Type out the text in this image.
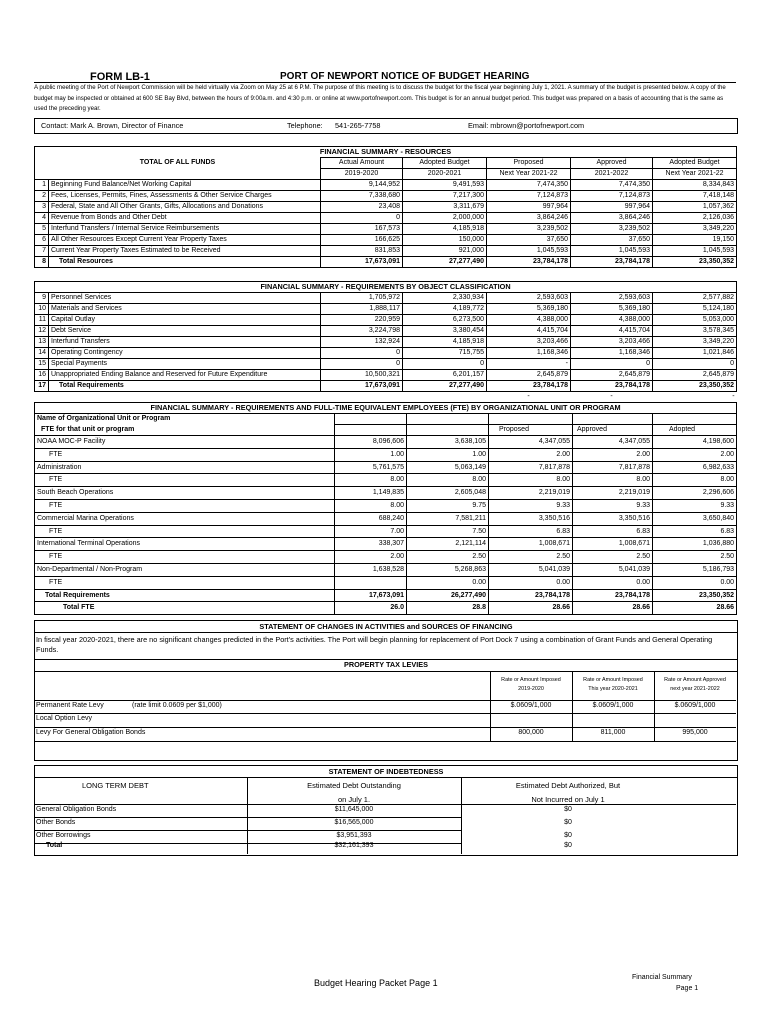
FORM LB-1	PORT OF NEWPORT NOTICE OF BUDGET HEARING
A public meeting of the Port of Newport Commission will be held virtually via Zoom on May 25 at 6 P.M. The purpose of this meeting is to discuss the budget for the fiscal year beginning July 1, 2021. A summary of the budget is presented below. A copy of the budget may be inspected or obtained at 600 SE Bay Blvd, between the hours of 9:00a.m. and 4:30 p.m. or online at www.portofnewport.com. This budget is for an annual budget period. This budget was prepared on a basis of accounting that is the same as used the preceding year.
Contact: Mark A. Brown, Director of Finance	Telephone: 541-265-7758	Email: mbrown@portofnewport.com
FINANCIAL SUMMARY - RESOURCES						
TOTAL OF ALL FUNDS		Actual Amount	Adopted Budget	Proposed	Approved	Adopted Budget
		2019-2020	2020-2021	Next Year 2021-22	2021-2022	Next Year 2021-22
1	Beginning Fund Balance/Net Working Capital	9,144,952	9,491,593	7,474,350	7,474,350	8,334,843
2	Fees, Licenses, Permits, Fines, Assessments & Other Service Charges	7,338,680	7,217,300	7,124,873	7,124,873	7,418,148
3	Federal, State and All Other Grants, Gifts, Allocations and Donations	23,408	3,311,679	997,964	997,964	1,057,362
4	Revenue from Bonds and Other Debt	0	2,000,000	3,864,246	3,864,246	2,126,036
5	Interfund Transfers / Internal Service Reimbursements	167,573	4,185,918	3,239,502	3,239,502	3,349,220
6	All Other Resources Except Current Year Property Taxes	166,625	150,000	37,650	37,650	19,150
7	Current Year Property Taxes Estimated to be Received	831,853	921,000	1,045,593	1,045,593	1,045,593
8	Total Resources	17,673,091	27,277,490	23,784,178	23,784,178	23,350,352
FINANCIAL SUMMARY - REQUIREMENTS BY OBJECT CLASSIFICATION						
9	Personnel Services	1,705,972	2,330,934	2,593,603	2,593,603	2,577,882
10	Materials and Services	1,888,117	4,189,772	5,369,180	5,369,180	5,124,180
11	Capital Outlay	220,959	6,273,500	4,388,000	4,388,000	5,053,000
12	Debt Service	3,224,798	3,380,454	4,415,704	4,415,704	3,578,345
13	Interfund Transfers	132,924	4,185,918	3,203,466	3,203,466	3,349,220
14	Operating Contingency	0	715,755	1,168,346	1,168,346	1,021,846
15	Special Payments	0	0	-	0	0
16	Unappropriated Ending Balance and Reserved for Future Expenditure	10,500,321	6,201,157	2,645,879	2,645,879	2,645,879
17	Total Requirements	17,673,091	27,277,490	23,784,178	23,784,178	23,350,352
				-	-	-
FINANCIAL SUMMARY - REQUIREMENTS AND FULL-TIME EQUIVALENT EMPLOYEES (FTE) BY ORGANIZATIONAL UNIT OR PROGRAM					
Name of Organizational Unit or Program					
FTE for that unit or program			Proposed	Approved	Adopted
NOAA MOC-P Facility	8,096,606	3,638,105	4,347,055	4,347,055	4,198,600
FTE	1.00	1.00	2.00	2.00	2.00
Administration	5,761,575	5,063,149	7,817,878	7,817,878	6,982,633
FTE	8.00	8.00	8.00	8.00	8.00
South Beach Operations	1,149,835	2,605,048	2,219,019	2,219,019	2,296,606
FTE	8.00	9.75	9.33	9.33	9.33
Commercial Marina Operations	688,240	7,581,211	3,350,516	3,350,516	3,650,840
FTE	7.00	7.50	6.83	6.83	6.83
International Terminal Operations	338,307	2,121,114	1,008,671	1,008,671	1,036,880
FTE	2.00	2.50	2.50	2.50	2.50
Non-Departmental / Non-Program	1,638,528	5,268,863	5,041,039	5,041,039	5,186,793
FTE		0.00	0.00	0.00	0.00
Total Requirements	17,673,091	26,277,490	23,784,178	23,784,178	23,350,352
Total FTE	26.0	28.8	28.66	28.66	28.66
STATEMENT OF CHANGES IN ACTIVITIES and SOURCES OF FINANCING
In fiscal year 2020-2021, there are no significant changes predicted in the Port's activities. The Port will begin planning for replacement of Port Dock 7 using a combination of Grant Funds and General Operating Funds.
PROPERTY TAX LEVIES
Rate or Amount Imposed
2019-2020
Rate or Amount Imposed
This year 2020-2021
Rate or Amount Approved
next year 2021-2022
Permanent Rate Levy	(rate limit 0.0609 per $1,000)	$.0609/1,000	$.0609/1,000	$.0609/1,000
Local Option Levy
Levy For General Obligation Bonds	800,000	811,000	995,000
STATEMENT OF INDEBTEDNESS
LONG TERM DEBT	Estimated Debt Outstanding
on July 1.
Estimated Debt Authorized, But
Not Incurred on July 1
General Obligation Bonds	$11,645,000	$0
Other Bonds	$16,565,000	$0
Other Borrowings	$3,951,393	$0
Total	$32,161,393	$0
Budget Hearing Packet Page 1
Financial Summary
Page 1
